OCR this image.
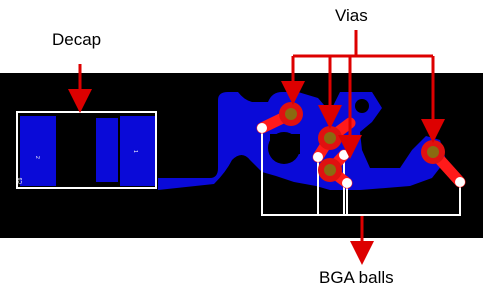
2
1
C9
Decap
Vias
BGA balls
